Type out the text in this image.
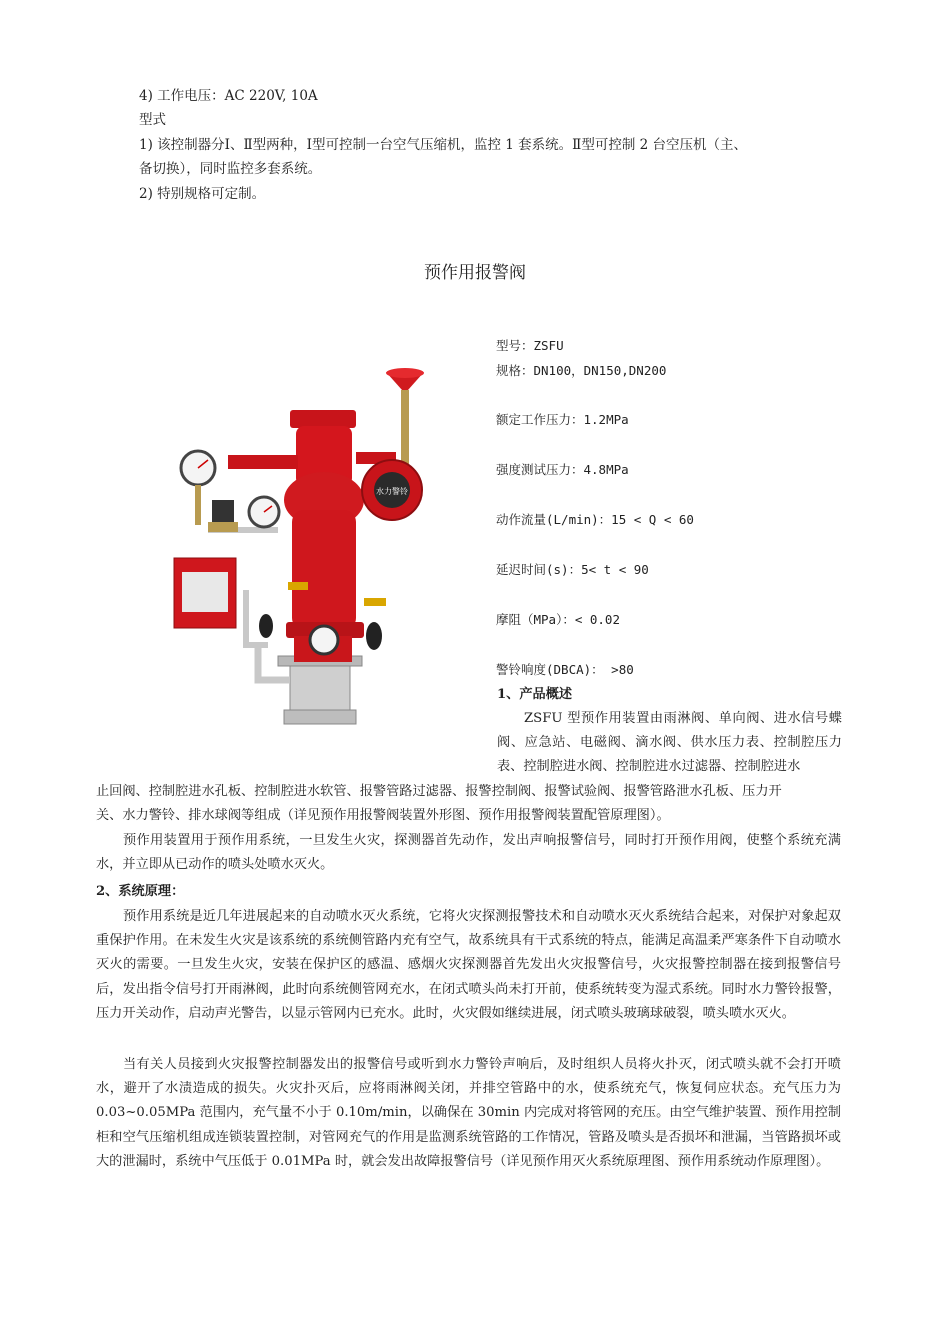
4) 工作电压：AC 220V, 10A
型式
1) 该控制器分Ⅰ、Ⅱ型两种，Ⅰ型可控制一台空气压缩机，监控 1 套系统。Ⅱ型可控制 2 台空压机（主、
备切换），同时监控多套系统。
2) 特别规格可定制。
预作用报警阀
水力警铃
型号：ZSFU
规格：DN100，DN150,DN200
额定工作压力：1.2MPa
强度测试压力：4.8MPa
动作流量(L/min)：15 < Q < 60
延迟时间(s)：5< t < 90
摩阻（MPa）：< 0.02
警铃响度(DBCA)： >80
1、产品概述
ZSFU 型预作用装置由雨淋阀、单向阀、进水信号蝶阀、应急站、电磁阀、滴水阀、供水压力表、控制腔压力表、控制腔进水阀、控制腔进水过滤器、控制腔进水
止回阀、控制腔进水孔板、控制腔进水软管、报警管路过滤器、报警控制阀、报警试验阀、报警管路泄水孔板、压力开
关、水力警铃、排水球阀等组成（详见预作用报警阀装置外形图、预作用报警阀装置配管原理图）。
预作用装置用于预作用系统，一旦发生火灾，探测器首先动作，发出声响报警信号，同时打开预作用阀，使整个系统充满水，并立即从已动作的喷头处喷水灭火。
2、系统原理：
预作用系统是近几年进展起来的自动喷水灭火系统，它将火灾探测报警技术和自动喷水灭火系统结合起来，对保护对象起双重保护作用。在未发生火灾是该系统的系统侧管路内充有空气，故系统具有干式系统的特点，能满足高温柔严寒条件下自动喷水灭火的需要。一旦发生火灾，安装在保护区的感温、感烟火灾探测器首先发出火灾报警信号，火灾报警控制器在接到报警信号后，发出指令信号打开雨淋阀，此时向系统侧管网充水，在闭式喷头尚未打开前，使系统转变为湿式系统。同时水力警铃报警，压力开关动作，启动声光警告，以显示管网内已充水。此时，火灾假如继续进展，闭式喷头玻璃球破裂，喷头喷水灭火。
当有关人员接到火灾报警控制器发出的报警信号或听到水力警铃声响后，及时组织人员将火扑灭，闭式喷头就不会打开喷水，避开了水渍造成的损失。火灾扑灭后，应将雨淋阀关闭，并排空管路中的水，使系统充气，恢复伺应状态。充气压力为 0.03~0.05MPa 范围内，充气量不小于 0.10m/min，以确保在 30min 内完成对将管网的充压。由空气维护装置、预作用控制柜和空气压缩机组成连锁装置控制，对管网充气的作用是监测系统管路的工作情况，管路及喷头是否损坏和泄漏，当管路损坏或大的泄漏时，系统中气压低于 0.01MPa 时，就会发出故障报警信号（详见预作用灭火系统原理图、预作用系统动作原理图）。
